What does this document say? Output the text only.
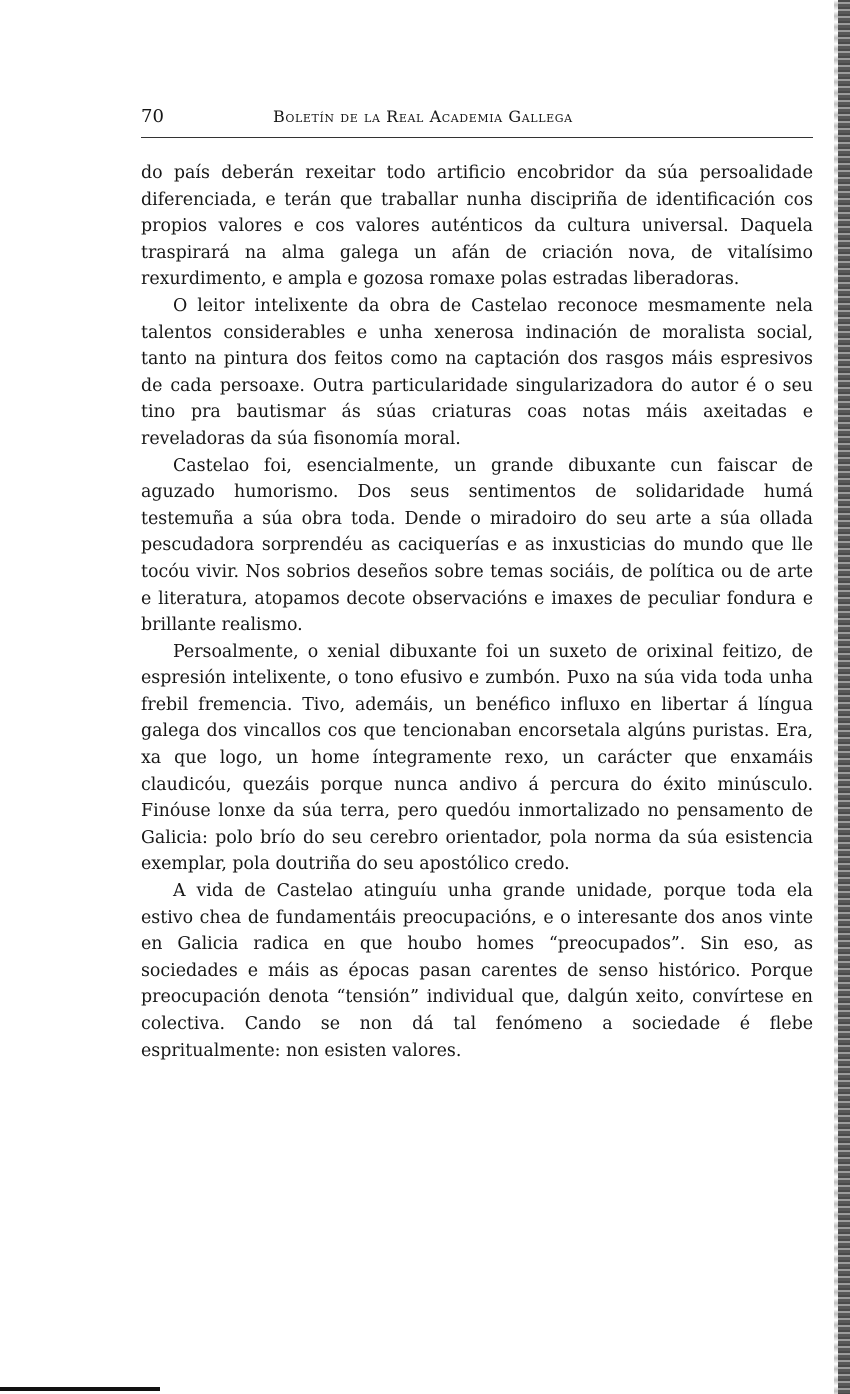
70	Boletín de la Real Academia Gallega

do país deberán rexeitar todo artificio encobridor da súa persoalidade diferenciada, e terán que traballar nunha discipriña de identificación cos propios valores e cos valores auténticos da cultura universal. Daquela traspirará na alma galega un afán de criación nova, de vitalísimo rexurdimento, e ampla e gozosa romaxe polas estradas liberadoras.

O leitor intelixente da obra de Castelao reconoce mesmamente nela talentos considerables e unha xenerosa indinación de moralista social, tanto na pintura dos feitos como na captación dos rasgos máis espresivos de cada persoaxe. Outra particularidade singularizadora do autor é o seu tino pra bautismar ás súas criaturas coas notas máis axeitadas e reveladoras da súa fisonomía moral.

Castelao foi, esencialmente, un grande dibuxante cun faiscar de aguzado humorismo. Dos seus sentimentos de solidaridade humá testemuña a súa obra toda. Dende o miradoiro do seu arte a súa ollada pescudadora sorprendéu as caciquerías e as inxusticias do mundo que lle tocóu vivir. Nos sobrios deseños sobre temas sociáis, de política ou de arte e literatura, atopamos decote observacións e imaxes de peculiar fondura e brillante realismo.

Persoalmente, o xenial dibuxante foi un suxeto de orixinal feitizo, de espresión intelixente, o tono efusivo e zumbón. Puxo na súa vida toda unha frebil fremencia. Tivo, ademáis, un benéfico influxo en libertar á língua galega dos vincallos cos que tencionaban encorsetala algúns puristas. Era, xa que logo, un home íntegramente rexo, un carácter que enxamáis claudicóu, quezáis porque nunca andivo á percura do éxito minúsculo. Finóuse lonxe da súa terra, pero quedóu inmortalizado no pensamento de Galicia: polo brío do seu cerebro orientador, pola norma da súa esistencia exemplar, pola doutriña do seu apostólico credo.

A vida de Castelao atinguíu unha grande unidade, porque toda ela estivo chea de fundamentáis preocupacións, e o interesante dos anos vinte en Galicia radica en que houbo homes “preocupados”. Sin eso, as sociedades e máis as épocas pasan carentes de senso histórico. Porque preocupación denota “tensión” individual que, dalgún xeito, convírtese en colectiva. Cando se non dá tal fenómeno a sociedade é flebe espritualmente: non esisten valores.
